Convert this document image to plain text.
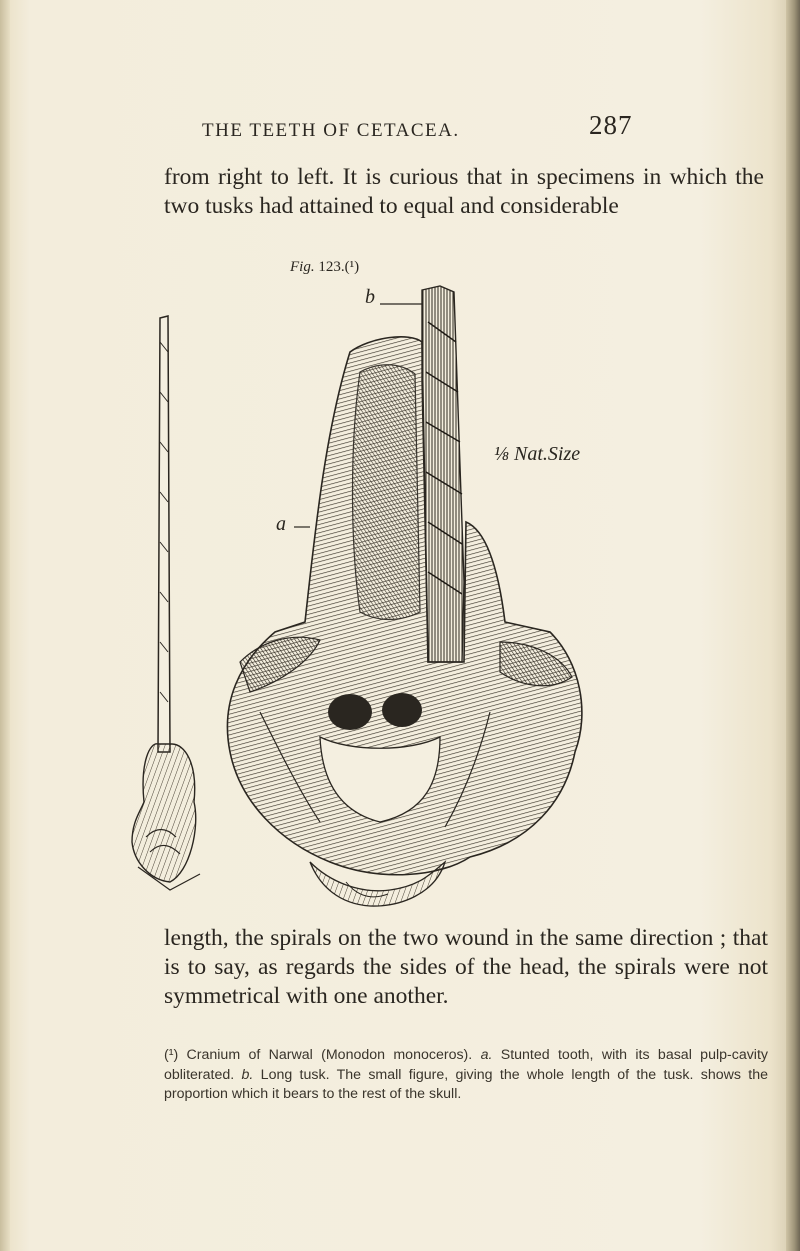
THE TEETH OF CETACEA.	287
from right to left. It is curious that in specimens in which the two tusks had attained to equal and considerable
Fig. 123.(¹)
b
a
⅛ Nat.Size
length, the spirals on the two wound in the same direction ; that is to say, as regards the sides of the head, the spirals were not symmetrical with one another.
(¹) Cranium of Narwal (Monodon monoceros). a. Stunted tooth, with its basal pulp-cavity obliterated. b. Long tusk. The small figure, giving the whole length of the tusk. shows the proportion which it bears to the rest of the skull.
